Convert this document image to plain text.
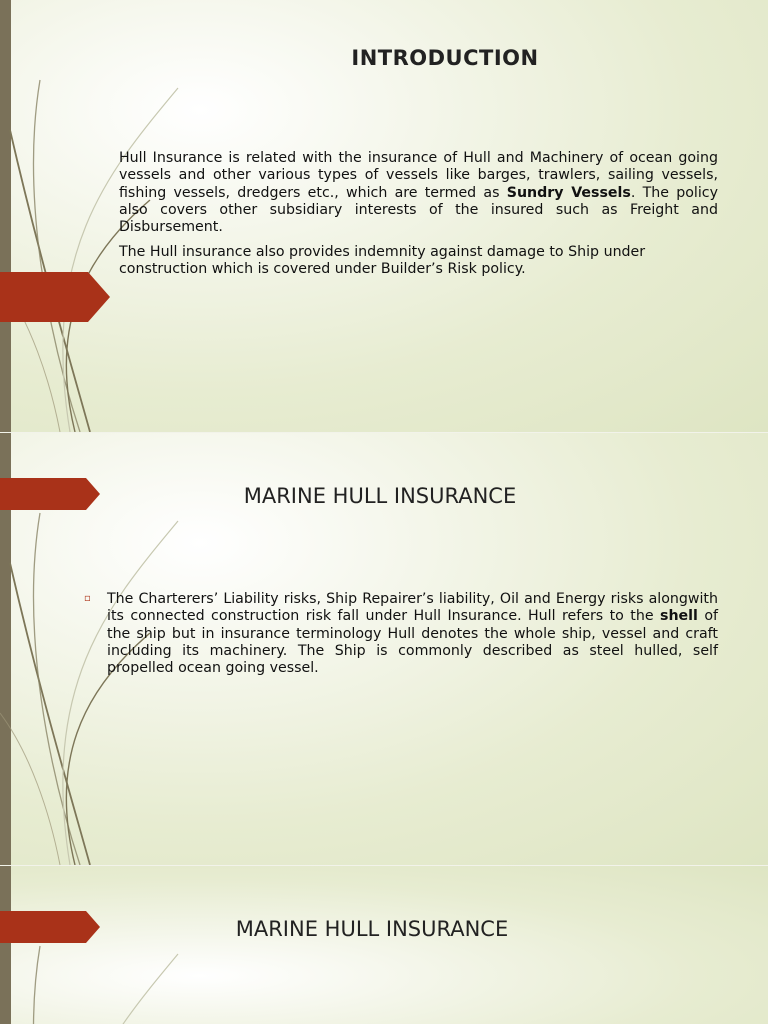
INTRODUCTION

Hull Insurance is related with the insurance of Hull and Machinery of ocean going vessels and other various types of vessels like barges, trawlers, sailing vessels, fishing vessels, dredgers etc., which are termed as Sundry Vessels. The policy also covers other subsidiary interests of the insured such as Freight and Disbursement.

The Hull insurance also provides indemnity against damage to Ship under construction which is covered under Builder’s Risk policy.

MARINE HULL INSURANCE
▫ The Charterers’ Liability risks, Ship Repairer’s liability, Oil and Energy risks alongwith its connected construction risk fall under Hull Insurance. Hull refers to the shell of the ship but in insurance terminology Hull denotes the whole ship, vessel and craft including its machinery. The Ship is commonly described as steel hulled, self propelled ocean going vessel.

MARINE HULL INSURANCE
